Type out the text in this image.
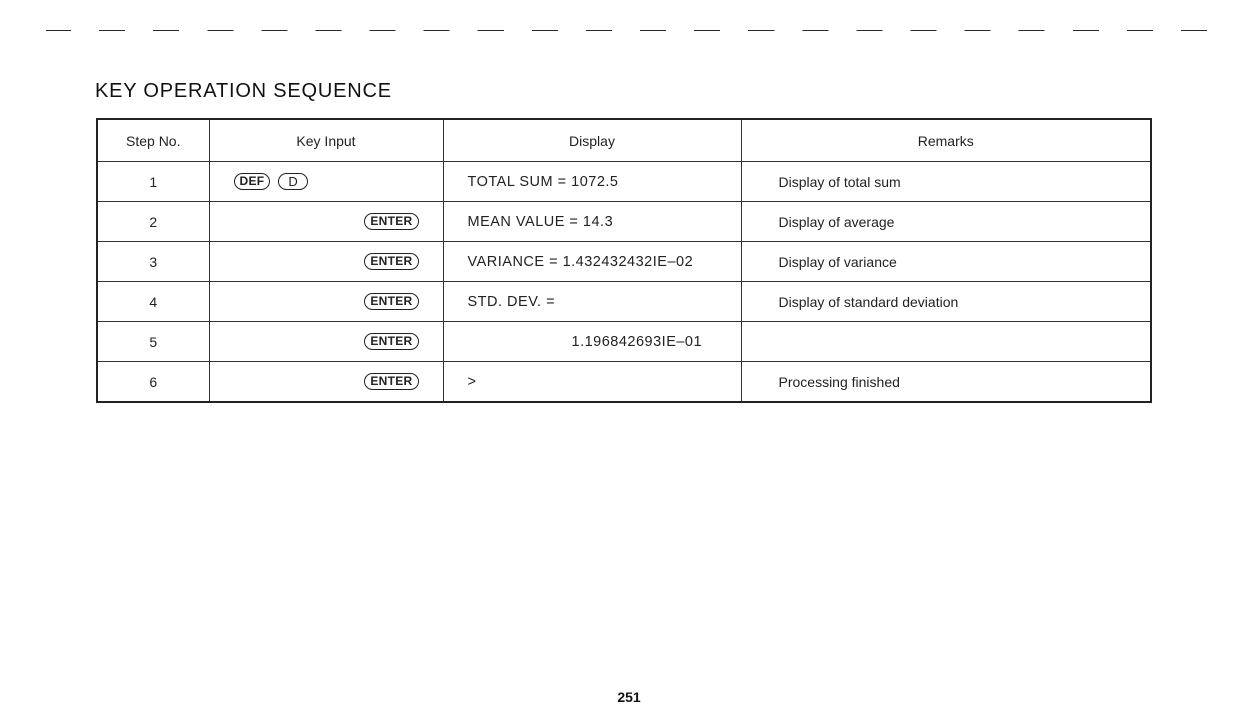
KEY OPERATION SEQUENCE
Step No.	Key Input	Display	Remarks
1	DEF D	TOTAL SUM = 1072.5	Display of total sum
2	ENTER	MEAN VALUE = 14.3	Display of average
3	ENTER	VARIANCE = 1.432432432IE–02	Display of variance
4	ENTER	STD. DEV. =	Display of standard deviation
5	ENTER	1.196842693IE–01	
6	ENTER	>	Processing finished
251
